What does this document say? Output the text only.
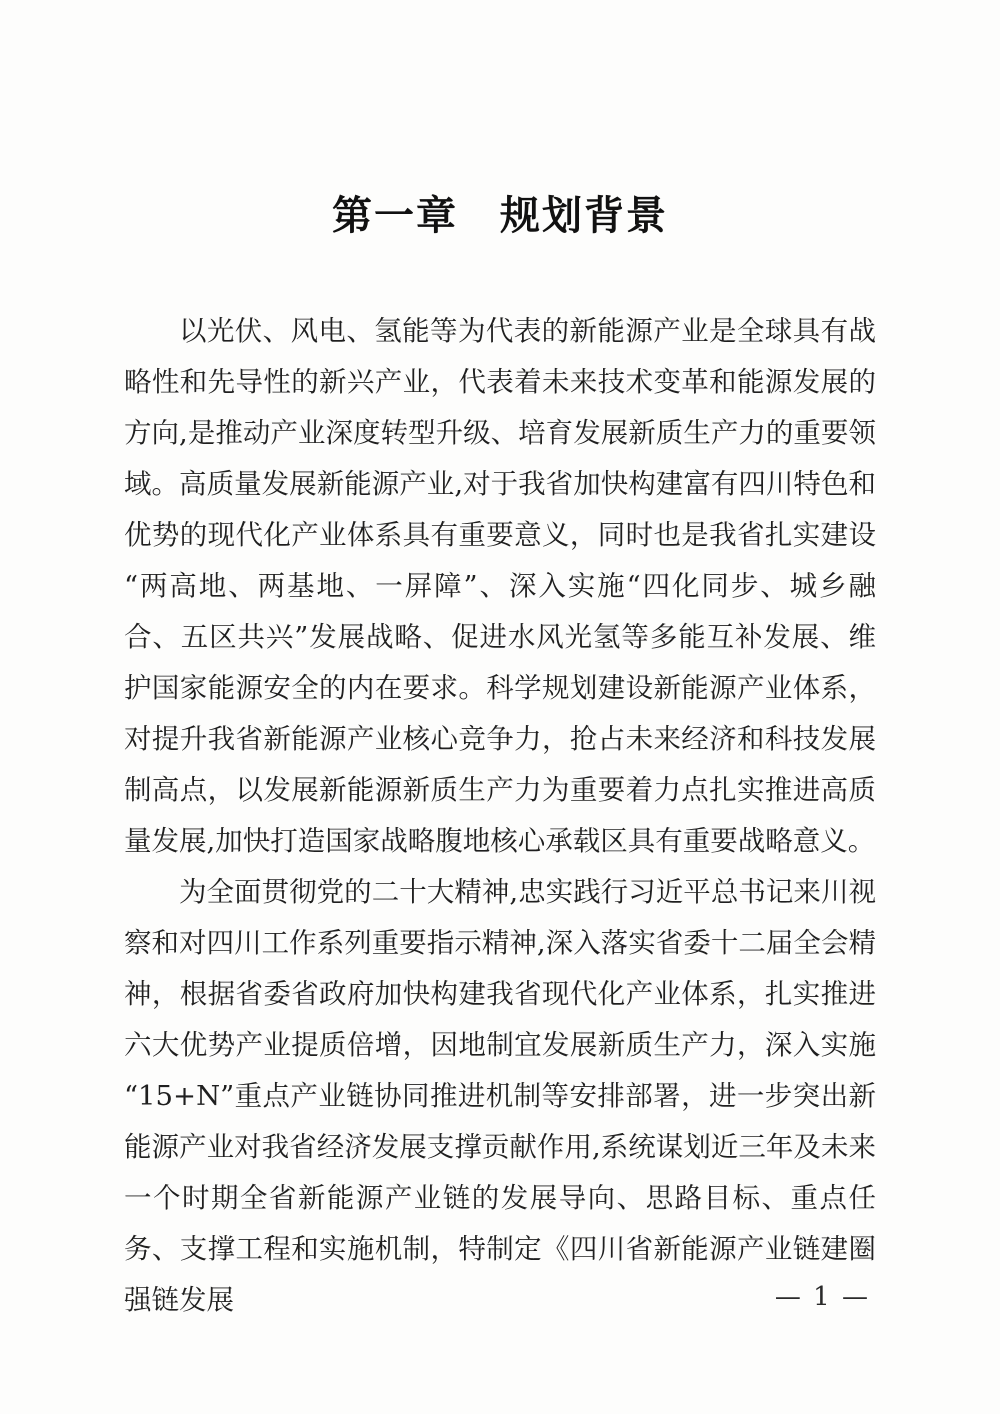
第一章　规划背景

以光伏、风电、氢能等为代表的新能源产业是全球具有战略性和先导性的新兴产业，代表着未来技术变革和能源发展的方向,是推动产业深度转型升级、培育发展新质生产力的重要领域。高质量发展新能源产业,对于我省加快构建富有四川特色和优势的现代化产业体系具有重要意义，同时也是我省扎实建设“两高地、两基地、一屏障”、深入实施“四化同步、城乡融合、五区共兴”发展战略、促进水风光氢等多能互补发展、维护国家能源安全的内在要求。科学规划建设新能源产业体系，对提升我省新能源产业核心竞争力，抢占未来经济和科技发展制高点，以发展新能源新质生产力为重要着力点扎实推进高质量发展,加快打造国家战略腹地核心承载区具有重要战略意义。

为全面贯彻党的二十大精神,忠实践行习近平总书记来川视察和对四川工作系列重要指示精神,深入落实省委十二届全会精神，根据省委省政府加快构建我省现代化产业体系，扎实推进六大优势产业提质倍增，因地制宜发展新质生产力，深入实施“15+N”重点产业链协同推进机制等安排部署，进一步突出新能源产业对我省经济发展支撑贡献作用,系统谋划近三年及未来一个时期全省新能源产业链的发展导向、思路目标、重点任务、支撑工程和实施机制，特制定《四川省新能源产业链建圈强链发展	— 1 —
